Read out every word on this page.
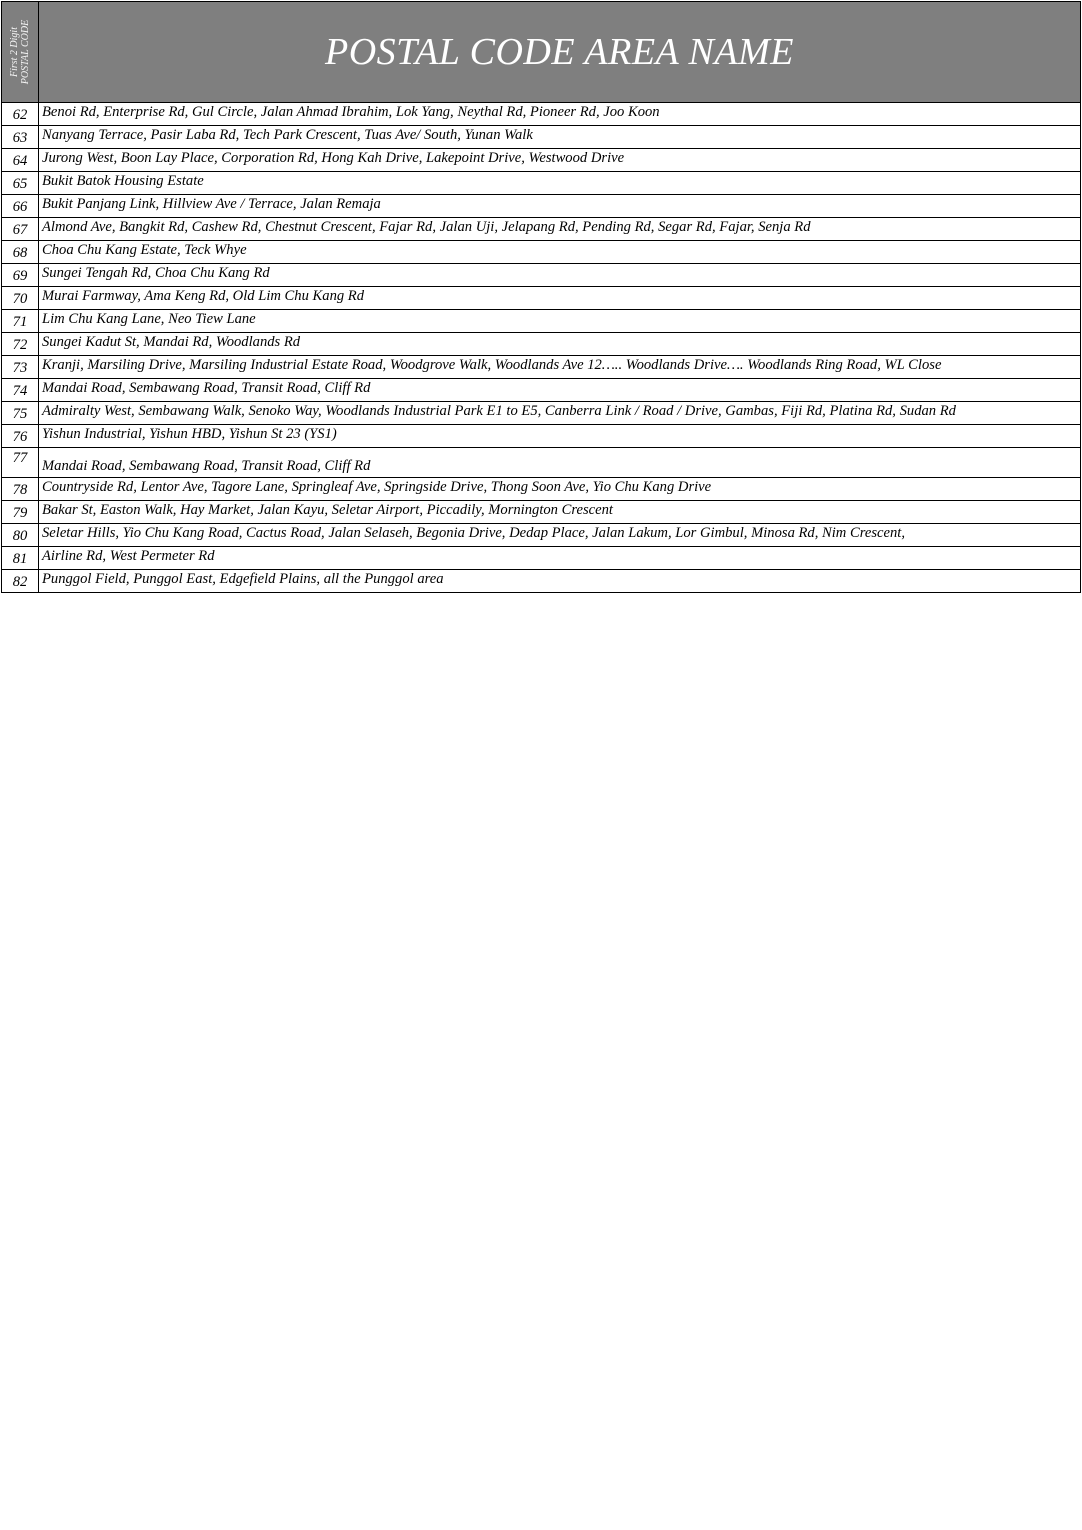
First 2 Digit POSTAL CODE	POSTAL CODE AREA NAME
62	Benoi Rd, Enterprise Rd, Gul Circle, Jalan Ahmad Ibrahim, Lok Yang, Neythal Rd, Pioneer Rd, Joo Koon
63	Nanyang Terrace, Pasir Laba Rd, Tech Park Crescent, Tuas Ave/ South, Yunan Walk
64	Jurong West, Boon Lay Place, Corporation Rd, Hong Kah Drive, Lakepoint Drive, Westwood Drive
65	Bukit Batok Housing Estate
66	Bukit Panjang Link, Hillview Ave / Terrace, Jalan Remaja
67	Almond Ave, Bangkit Rd, Cashew Rd, Chestnut Crescent, Fajar Rd, Jalan Uji, Jelapang Rd, Pending Rd, Segar Rd, Fajar, Senja Rd
68	Choa Chu Kang Estate, Teck Whye
69	Sungei Tengah Rd, Choa Chu Kang Rd
70	Murai Farmway, Ama Keng Rd, Old Lim Chu Kang Rd
71	Lim Chu Kang Lane, Neo Tiew Lane
72	Sungei Kadut St, Mandai Rd, Woodlands Rd
73	Kranji, Marsiling Drive, Marsiling Industrial Estate Road, Woodgrove Walk, Woodlands Ave 12….. Woodlands Drive…. Woodlands Ring Road, WL Close
74	Mandai Road, Sembawang Road, Transit Road, Cliff Rd
75	Admiralty West, Sembawang Walk, Senoko Way, Woodlands Industrial Park E1 to E5, Canberra Link / Road / Drive, Gambas, Fiji Rd, Platina Rd, Sudan Rd
76	Yishun Industrial, Yishun HBD, Yishun St 23 (YS1)
77	Mandai Road, Sembawang Road, Transit Road, Cliff Rd
78	Countryside Rd, Lentor Ave, Tagore Lane, Springleaf Ave, Springside Drive, Thong Soon Ave, Yio Chu Kang Drive
79	Bakar St, Easton Walk, Hay Market, Jalan Kayu, Seletar Airport, Piccadily, Mornington Crescent
80	Seletar Hills, Yio Chu Kang Road, Cactus Road, Jalan Selaseh, Begonia Drive, Dedap Place, Jalan Lakum, Lor Gimbul, Minosa Rd, Nim Crescent,
81	Airline Rd, West Permeter Rd
82	Punggol Field, Punggol East, Edgefield Plains, all the Punggol area
